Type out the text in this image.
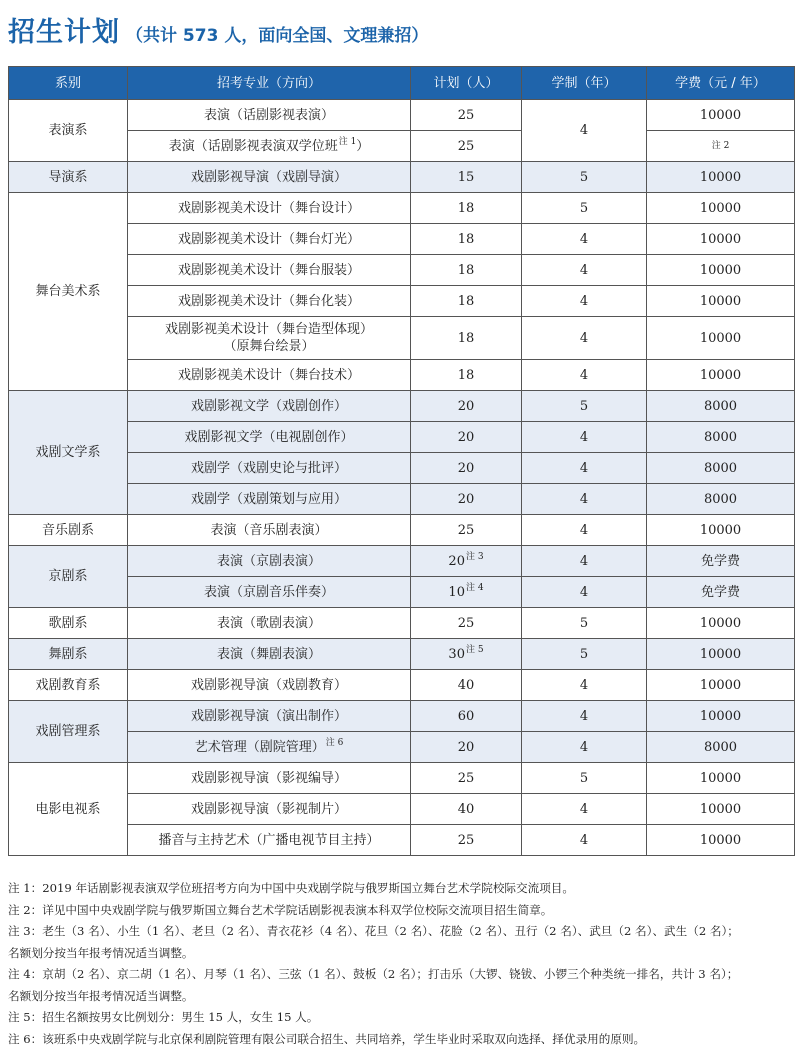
招生计划 （共计 573 人，面向全国、文理兼招）
系别	招考专业（方向）	计划（人）	学制（年）	学费（元 / 年）
表演系	表演（话剧影视表演）	25	4	10000
	表演（话剧影视表演双学位班$^{注 1}$）	25		$^{注 2}$
导演系	戏剧影视导演（戏剧导演）	15	5	10000
舞台美术系	戏剧影视美术设计（舞台设计）	18	5	10000
	戏剧影视美术设计（舞台灯光）	18	4	10000
	戏剧影视美术设计（舞台服装）	18	4	10000
	戏剧影视美术设计（舞台化装）	18	4	10000
	戏剧影视美术设计（舞台造型体现）
（原舞台绘景）	18	4	10000
	戏剧影视美术设计（舞台技术）	18	4	10000
戏剧文学系	戏剧影视文学（戏剧创作）	20	5	8000
	戏剧影视文学（电视剧创作）	20	4	8000
	戏剧学（戏剧史论与批评）	20	4	8000
	戏剧学（戏剧策划与应用）	20	4	8000
音乐剧系	表演（音乐剧表演）	25	4	10000
京剧系	表演（京剧表演）	20$^{注 3}$	4	免学费
	表演（京剧音乐伴奏）	10$^{注 4}$	4	免学费
歌剧系	表演（歌剧表演）	25	5	10000
舞剧系	表演（舞剧表演）	30$^{注 5}$	5	10000
戏剧教育系	戏剧影视导演（戏剧教育）	40	4	10000
戏剧管理系	戏剧影视导演（演出制作）	60	4	10000
	艺术管理（剧院管理）$^{注 6}$	20	4	8000
电影电视系	戏剧影视导演（影视编导）	25	5	10000
	戏剧影视导演（影视制片）	40	4	10000
	播音与主持艺术（广播电视节目主持）	25	4	10000
注 1：2019 年话剧影视表演双学位班招考方向为中国中央戏剧学院与俄罗斯国立舞台艺术学院校际交流项目。
注 2：详见中国中央戏剧学院与俄罗斯国立舞台艺术学院话剧影视表演本科双学位校际交流项目招生简章。
注 3：老生（3 名）、小生（1 名）、老旦（2 名）、青衣花衫（4 名）、花旦（2 名）、花脸（2 名）、丑行（2 名）、武旦（2 名）、武生（2 名）；
名额划分按当年报考情况适当调整。
注 4：京胡（2 名）、京二胡（1 名）、月琴（1 名）、三弦（1 名）、鼓板（2 名）；打击乐（大锣、铙钹、小锣三个种类统一排名，共计 3 名）；
名额划分按当年报考情况适当调整。
注 5：招生名额按男女比例划分：男生 15 人，女生 15 人。
注 6：该班系中央戏剧学院与北京保利剧院管理有限公司联合招生、共同培养，学生毕业时采取双向选择、择优录用的原则。
